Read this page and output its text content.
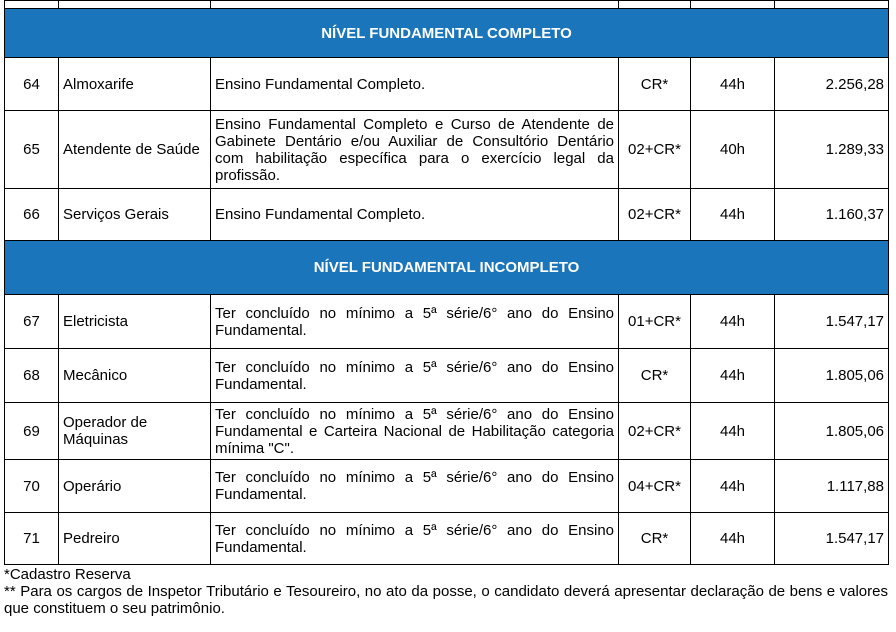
NÍVEL FUNDAMENTAL COMPLETO					
64	Almoxarife	Ensino Fundamental Completo.	CR*	44h	2.256,28
65	Atendente de Saúde	Ensino Fundamental Completo e Curso de Atendente de Gabinete Dentário e/ou Auxiliar de Consultório Dentário com habilitação específica para o exercício legal da profissão.	02+CR*	40h	1.289,33
66	Serviços Gerais	Ensino Fundamental Completo.	02+CR*	44h	1.160,37
NÍVEL FUNDAMENTAL INCOMPLETO					
67	Eletricista	Ter concluído no mínimo a 5ª série/6° ano do Ensino Fundamental.	01+CR*	44h	1.547,17
68	Mecânico	Ter concluído no mínimo a 5ª série/6° ano do Ensino Fundamental.	CR*	44h	1.805,06
69	Operador de Máquinas	Ter concluído no mínimo a 5ª série/6° ano do Ensino Fundamental e Carteira Nacional de Habilitação categoria mínima "C".	02+CR*	44h	1.805,06
70	Operário	Ter concluído no mínimo a 5ª série/6° ano do Ensino Fundamental.	04+CR*	44h	1.117,88
71	Pedreiro	Ter concluído no mínimo a 5ª série/6° ano do Ensino Fundamental.	CR*	44h	1.547,17

*Cadastro Reserva

** Para os cargos de Inspetor Tributário e Tesoureiro, no ato da posse, o candidato deverá apresentar declaração de bens e valores que constituem o seu patrimônio.
